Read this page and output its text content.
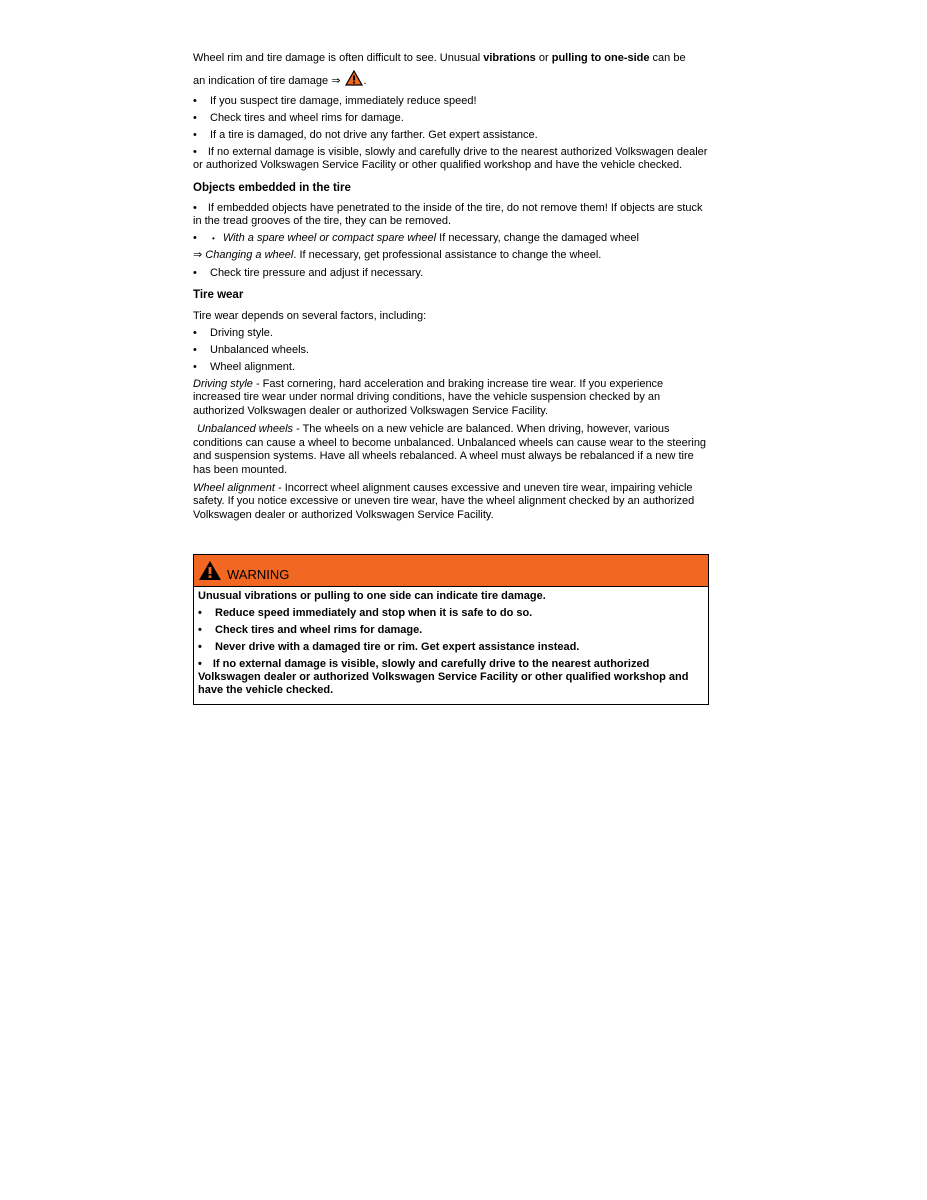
Wheel rim and tire damage is often difficult to see. Unusual vibrations or pulling to one-side can be
an indication of tire damage ⇒ .

• If you suspect tire damage, immediately reduce speed!

• Check tires and wheel rims for damage.

• If a tire is damaged, do not drive any farther. Get expert assistance.

• If no external damage is visible, slowly and carefully drive to the nearest authorized Volkswagen dealer or authorized Volkswagen Service Facility or other qualified workshop and have the vehicle checked.

Objects embedded in the tire

• If embedded objects have penetrated to the inside of the tire, do not remove them! If objects are stuck in the tread grooves of the tire, they can be removed.

• • With a spare wheel or compact spare wheel If necessary, change the damaged wheel

⇒ Changing a wheel. If necessary, get professional assistance to change the wheel.

• Check tire pressure and adjust if necessary.

Tire wear

Tire wear depends on several factors, including:

• Driving style.

• Unbalanced wheels.

• Wheel alignment.

Driving style - Fast cornering, hard acceleration and braking increase tire wear. If you experience increased tire wear under normal driving conditions, have the vehicle suspension checked by an authorized Volkswagen dealer or authorized Volkswagen Service Facility.

Unbalanced wheels - The wheels on a new vehicle are balanced. When driving, however, various conditions can cause a wheel to become unbalanced. Unbalanced wheels can cause wear to the steering and suspension systems. Have all wheels rebalanced. A wheel must always be rebalanced if a new tire has been mounted.

Wheel alignment - Incorrect wheel alignment causes excessive and uneven tire wear, impairing vehicle safety. If you notice excessive or uneven tire wear, have the wheel alignment checked by an authorized Volkswagen dealer or authorized Volkswagen Service Facility.

WARNING

Unusual vibrations or pulling to one side can indicate tire damage.

• Reduce speed immediately and stop when it is safe to do so.

• Check tires and wheel rims for damage.

• Never drive with a damaged tire or rim. Get expert assistance instead.

• If no external damage is visible, slowly and carefully drive to the nearest authorized Volkswagen dealer or authorized Volkswagen Service Facility or other qualified workshop and have the vehicle checked.
